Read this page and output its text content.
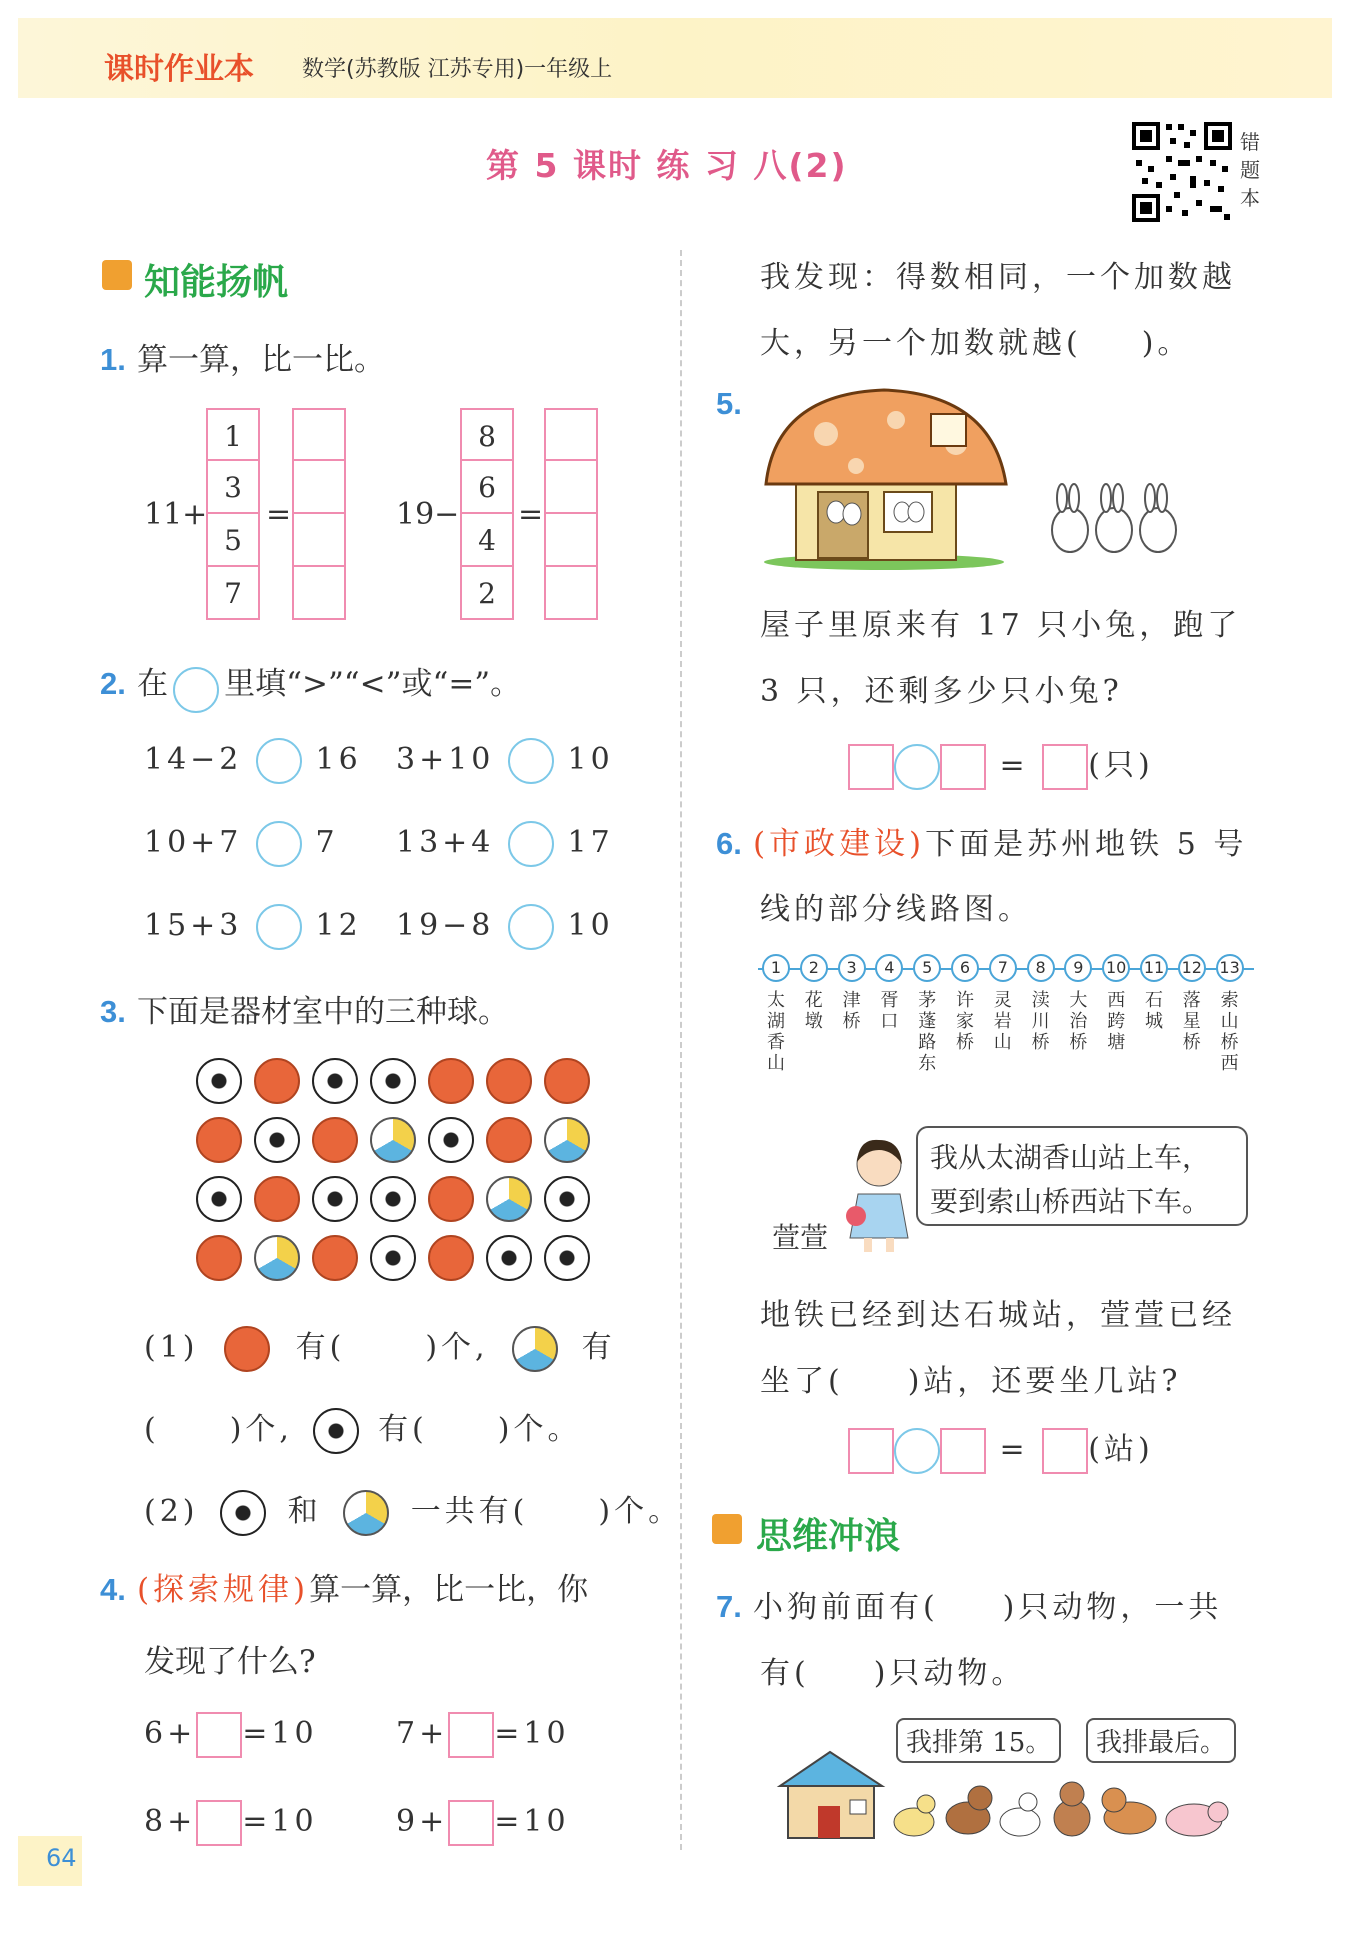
课时作业本 数学(苏教版 江苏专用)一年级上
第 5 课时 练 习 八(2)
错题本
知能扬帆
1. 算一算，比一比。
11+
1
3
5
7
=	19−
8
6
4
2
=
2. 在 里填“>”“<”或“=”。
14−2 16 3+10 10
10+7 7 13+4 17
15+3 12 19−8 10
3. 下面是器材室中的三种球。
(1)	有(	)个,	有
( )个,	有( )个。
(2)	和	一共有( )个。
4. (探索规律)算一算，比一比，你
发现了什么?
6+ =10	7+ =10
8+ =10	9+ =10
64
我发现：得数相同，一个加数越
大，另一个加数就越( )。
5.
屋子里原来有 17 只小兔，跑了
3 只，还剩多少只小兔?
= (只)
6. (市政建设)下面是苏州地铁 5 号
线的部分线路图。
1
太湖香山
2
花墩
3
津桥
4
胥口
5
茅蓬路东
6
许家桥
7
灵岩山
8
渎川桥
9
大治桥
10
西跨塘
11
石城
12
落星桥
13
索山桥西
萱萱
我从太湖香山站上车，
要到索山桥西站下车。
地铁已经到达石城站，萱萱已经
坐了( )站，还要坐几站?
= (站)
思维冲浪
7. 小狗前面有( )只动物，一共
有( )只动物。
我排第 15。	我排最后。
